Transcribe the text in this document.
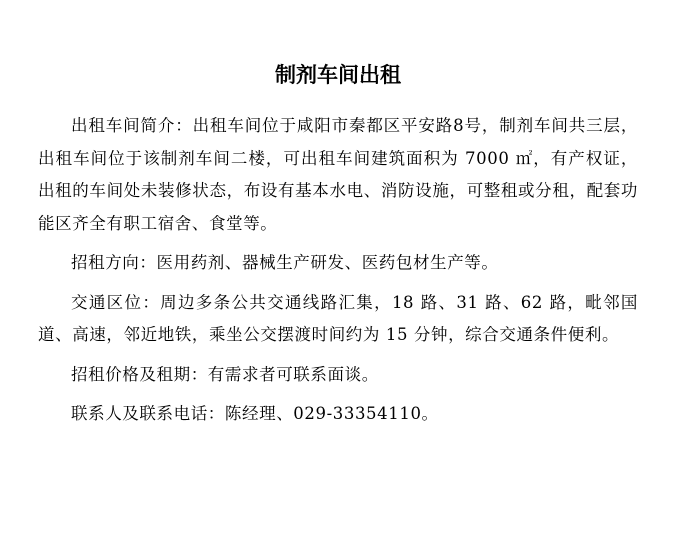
制剂车间出租

出租车间简介：出租车间位于咸阳市秦都区平安路8号，制剂车间共三层，出租车间位于该制剂车间二楼，可出租车间建筑面积为 7000 ㎡，有产权证，出租的车间处未装修状态，布设有基本水电、消防设施，可整租或分租，配套功能区齐全有职工宿舍、食堂等。

招租方向：医用药剂、器械生产研发、医药包材生产等。

交通区位：周边多条公共交通线路汇集，18 路、31 路、62 路，毗邻国道、高速，邻近地铁，乘坐公交摆渡时间约为 15 分钟，综合交通条件便利。

招租价格及租期：有需求者可联系面谈。

联系人及联系电话：陈经理、029-33354110。
